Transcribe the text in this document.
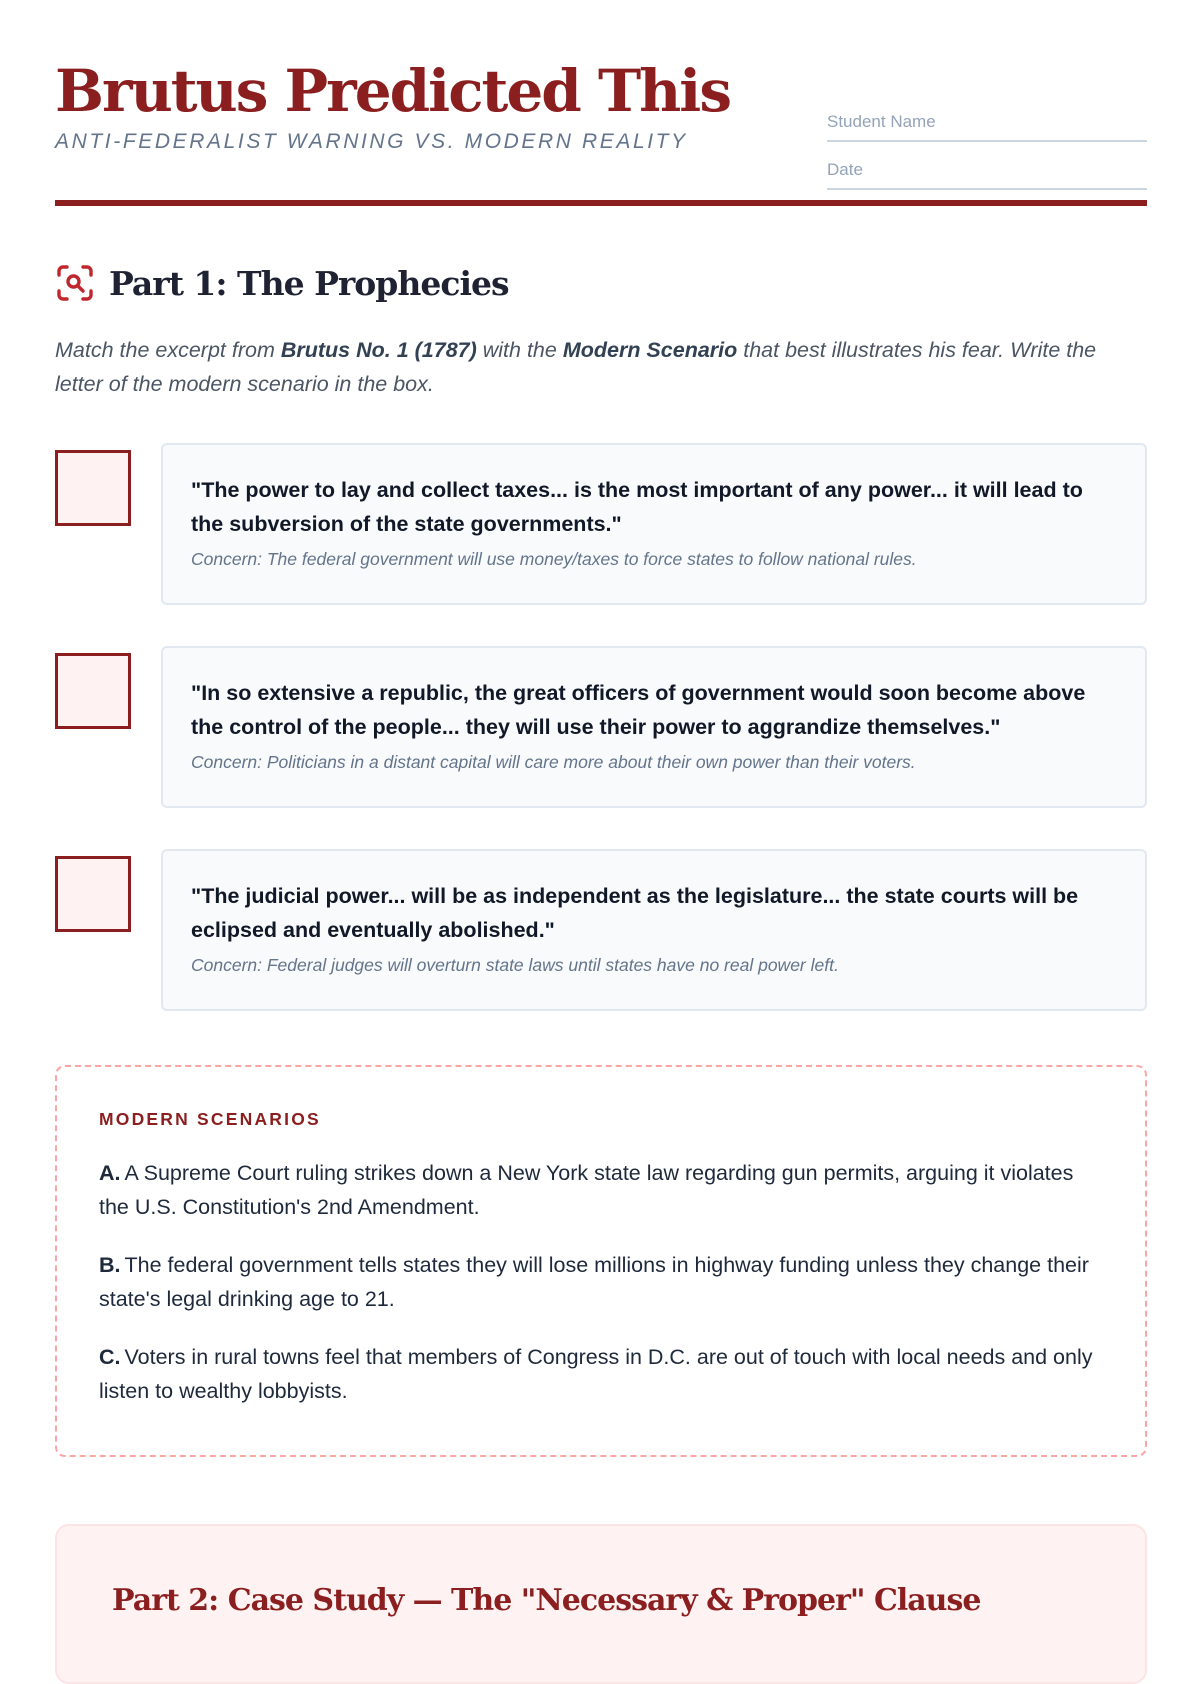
Brutus Predicted This
ANTI-FEDERALIST WARNING VS. MODERN REALITY
Student Name
Date
Part 1: The Prophecies

Match the excerpt from Brutus No. 1 (1787) with the Modern Scenario that best illustrates his fear. Write the letter of the modern scenario in the box.

"The power to lay and collect taxes... is the most important of any power... it will lead to the subversion of the state governments."

Concern: The federal government will use money/taxes to force states to follow national rules.

"In so extensive a republic, the great officers of government would soon become above the control of the people... they will use their power to aggrandize themselves."

Concern: Politicians in a distant capital will care more about their own power than their voters.

"The judicial power... will be as independent as the legislature... the state courts will be eclipsed and eventually abolished."

Concern: Federal judges will overturn state laws until states have no real power left.
MODERN SCENARIOS

A. A Supreme Court ruling strikes down a New York state law regarding gun permits, arguing it violates the U.S. Constitution's 2nd Amendment.

B. The federal government tells states they will lose millions in highway funding unless they change their state's legal drinking age to 21.

C. Voters in rural towns feel that members of Congress in D.C. are out of touch with local needs and only listen to wealthy lobbyists.

Part 2: Case Study — The "Necessary & Proper" Clause
